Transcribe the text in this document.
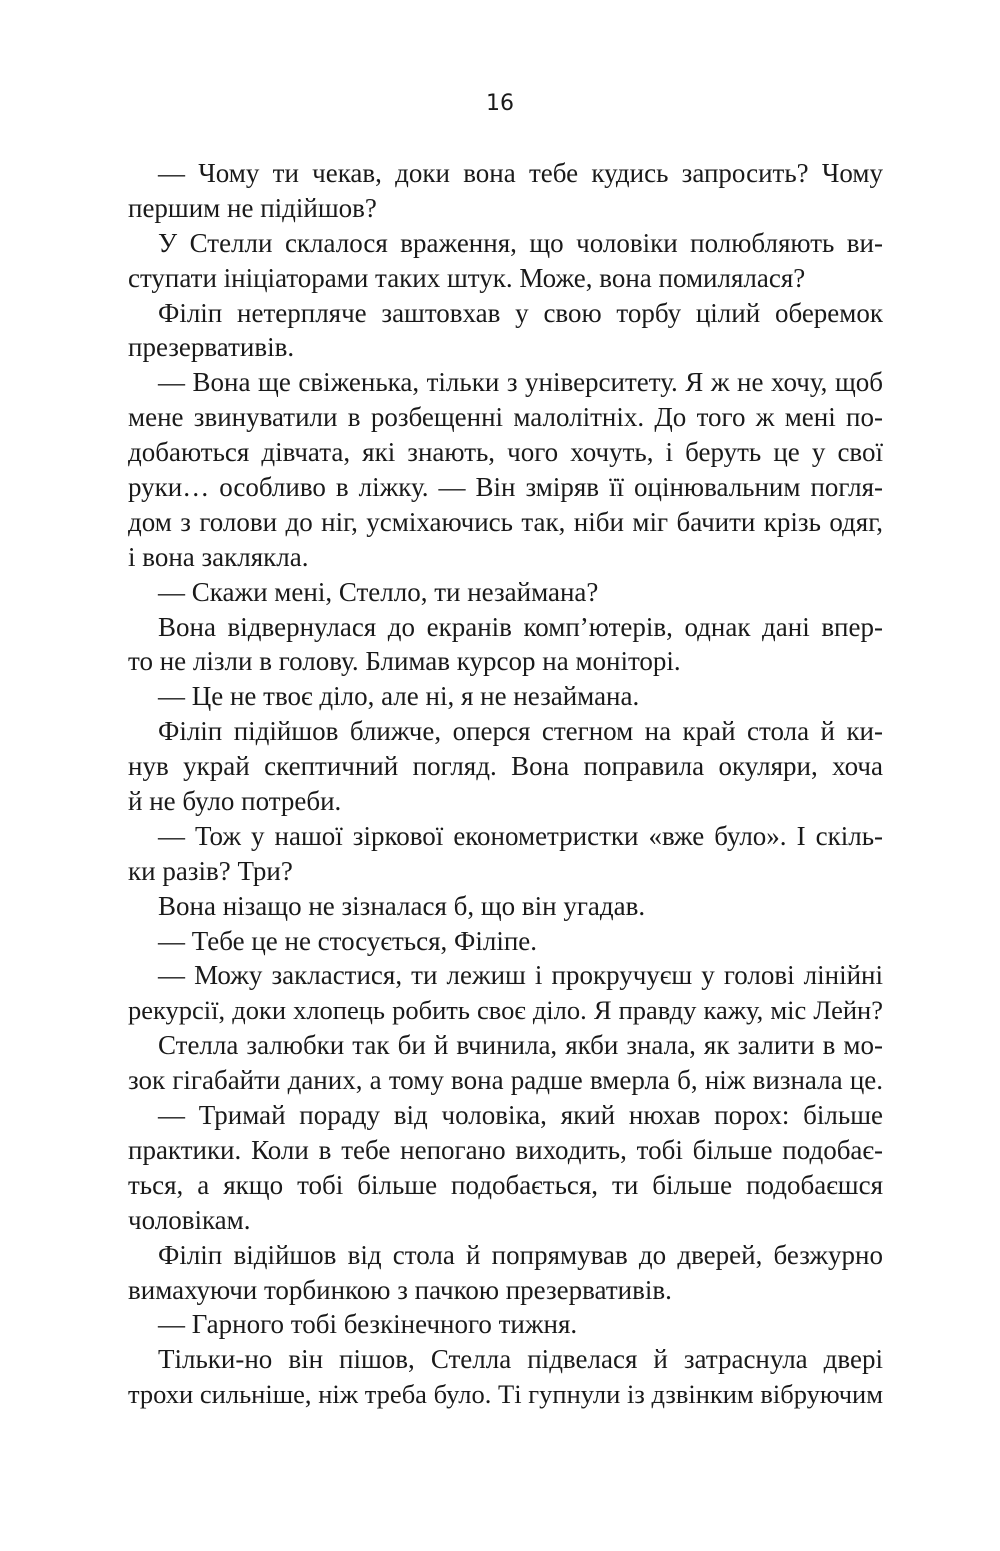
16
— Чому ти чекав, доки вона тебе кудись запросить? Чому
першим не підійшов?
У Стелли склалося враження, що чоловіки полюбляють ви-
ступати ініціаторами таких штук. Може, вона помилялася?
Філіп нетерпляче заштовхав у свою торбу цілий оберемок
презервативів.
— Вона ще свіженька, тільки з університету. Я ж не хочу, щоб
мене звинуватили в розбещенні малолітніх. До того ж мені по-
добаються дівчата, які знають, чого хочуть, і беруть це у свої
руки… особливо в ліжку. — Він зміряв її оцінювальним погля-
дом з голови до ніг, усміхаючись так, ніби міг бачити крізь одяг,
і вона заклякла.
— Скажи мені, Стелло, ти незаймана?
Вона відвернулася до екранів комп’ютерів, однак дані впер-
то не лізли в голову. Блимав курсор на моніторі.
— Це не твоє діло, але ні, я не незаймана.
Філіп підійшов ближче, оперся стегном на край стола й ки-
нув украй скептичний погляд. Вона поправила окуляри, хоча
й не було потреби.
— Тож у нашої зіркової економетристки «вже було». І скіль-
ки разів? Три?
Вона нізащо не зізналася б, що він угадав.
— Тебе це не стосується, Філіпе.
— Можу закластися, ти лежиш і прокручуєш у голові лінійні
рекурсії, доки хлопець робить своє діло. Я правду кажу, міс Лейн?
Стелла залюбки так би й вчинила, якби знала, як залити в мо-
зок гігабайти даних, а тому вона радше вмерла б, ніж визнала це.
— Тримай пораду від чоловіка, який нюхав порох: більше
практики. Коли в тебе непогано виходить, тобі більше подобає-
ться, а якщо тобі більше подобається, ти більше подобаєшся
чоловікам.
Філіп відійшов від стола й попрямував до дверей, безжурно
вимахуючи торбинкою з пачкою презервативів.
— Гарного тобі безкінечного тижня.
Тільки-но він пішов, Стелла підвелася й затраснула двері
трохи сильніше, ніж треба було. Ті гупнули із дзвінким вібруючим
